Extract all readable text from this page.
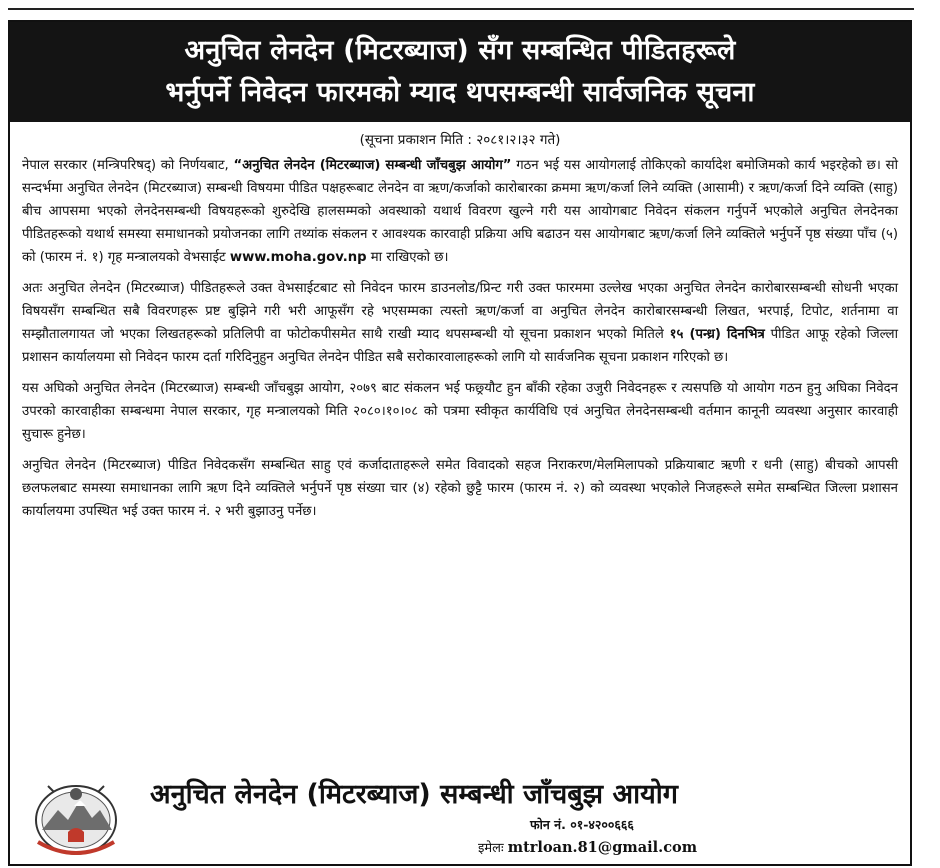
अनुचित लेनदेन (मिटरब्याज) सँग सम्बन्धित पीडितहरूले
भर्नुपर्ने निवेदन फारमको म्याद थपसम्बन्धी सार्वजनिक सूचना
(सूचना प्रकाशन मिति : २०८१।२।३२ गते)

नेपाल सरकार (मन्त्रिपरिषद्) को निर्णयबाट, “अनुचित लेनदेन (मिटरब्याज) सम्बन्धी जाँचबुझ आयोग” गठन भई यस आयोगलाई तोकिएको कार्यादेश बमोजिमको कार्य भइरहेको छ। सो सन्दर्भमा अनुचित लेनदेन (मिटरब्याज) सम्बन्धी विषयमा पीडित पक्षहरूबाट लेनदेन वा ऋण/कर्जाको कारोबारका क्रममा ऋण/कर्जा लिने व्यक्ति (आसामी) र ऋण/कर्जा दिने व्यक्ति (साहु) बीच आपसमा भएको लेनदेनसम्बन्धी विषयहरूको शुरुदेखि हालसम्मको अवस्थाको यथार्थ विवरण खुल्ने गरी यस आयोगबाट निवेदन संकलन गर्नुपर्ने भएकोले अनुचित लेनदेनका पीडितहरूको यथार्थ समस्या समाधानको प्रयोजनका लागि तथ्यांक संकलन र आवश्यक कारवाही प्रक्रिया अघि बढाउन यस आयोगबाट ऋण/कर्जा लिने व्यक्तिले भर्नुपर्ने पृष्ठ संख्या पाँच (५) को (फारम नं. १) गृह मन्त्रालयको वेभसाईट www.moha.gov.np मा राखिएको छ।

अतः अनुचित लेनदेन (मिटरब्याज) पीडितहरूले उक्त वेभसाईटबाट सो निवेदन फारम डाउनलोड/प्रिन्ट गरी उक्त फारममा उल्लेख भएका अनुचित लेनदेन कारोबारसम्बन्धी सोधनी भएका विषयसँग सम्बन्धित सबै विवरणहरू प्रष्ट बुझिने गरी भरी आफूसँग रहे भएसम्मका त्यस्तो ऋण/कर्जा वा अनुचित लेनदेन कारोबारसम्बन्धी लिखत, भरपाई, टिपोट, शर्तनामा वा सम्झौतालगायत जो भएका लिखतहरूको प्रतिलिपी वा फोटोकपीसमेत साथै राखी म्याद थपसम्बन्धी यो सूचना प्रकाशन भएको मितिले १५ (पन्ध्र) दिनभित्र पीडित आफू रहेको जिल्ला प्रशासन कार्यालयमा सो निवेदन फारम दर्ता गरिदिनुहुन अनुचित लेनदेन पीडित सबै सरोकारवालाहरूको लागि यो सार्वजनिक सूचना प्रकाशन गरिएको छ।

यस अघिको अनुचित लेनदेन (मिटरब्याज) सम्बन्धी जाँचबुझ आयोग, २०७९ बाट संकलन भई फछ्र्यौट हुन बाँकी रहेका उजुरी निवेदनहरू र त्यसपछि यो आयोग गठन हुनु अघिका निवेदन उपरको कारवाहीका सम्बन्धमा नेपाल सरकार, गृह मन्त्रालयको मिति २०८०।१०।०८ को पत्रमा स्वीकृत कार्यविधि एवं अनुचित लेनदेनसम्बन्धी वर्तमान कानूनी व्यवस्था अनुसार कारवाही सुचारू हुनेछ।

अनुचित लेनदेन (मिटरब्याज) पीडित निवेदकसँग सम्बन्धित साहु एवं कर्जादाताहरूले समेत विवादको सहज निराकरण/मेलमिलापको प्रक्रियाबाट ऋणी र धनी (साहु) बीचको आपसी छलफलबाट समस्या समाधानका लागि ऋण दिने व्यक्तिले भर्नुपर्ने पृष्ठ संख्या चार (४) रहेको छुट्टै फारम (फारम नं. २) को व्यवस्था भएकोले निजहरूले समेत सम्बन्धित जिल्ला प्रशासन कार्यालयमा उपस्थित भई उक्त फारम नं. २ भरी बुझाउनु पर्नेछ।

अनुचित लेनदेन (मिटरब्याज) सम्बन्धी जाँचबुझ आयोग
फोन नं. ०१-४२००६६६
इमेलः mtrloan.81@gmail.com
